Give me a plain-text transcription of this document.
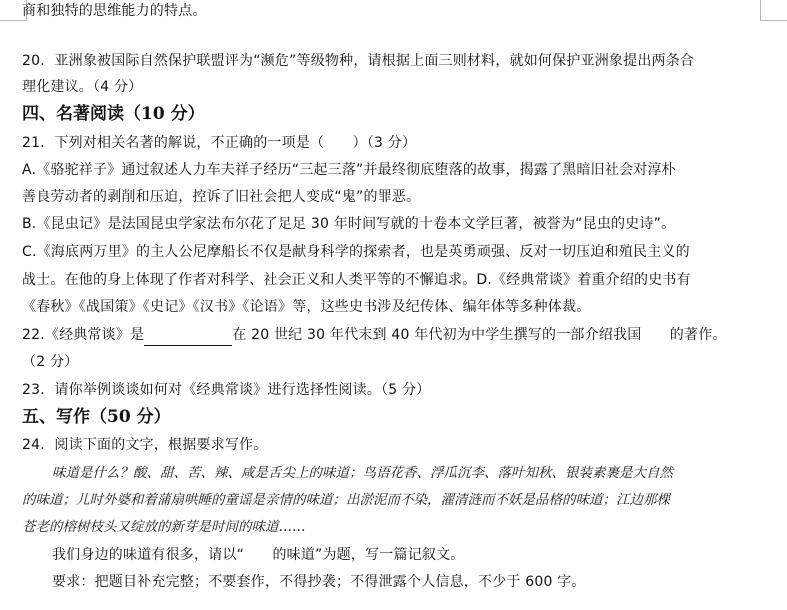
商和独特的思维能力的特点。
20．亚洲象被国际自然保护联盟评为“濒危”等级物种，请根据上面三则材料，就如何保护亚洲象提出两条合
理化建议。（4 分）
四、名著阅读（10 分）
21．下列对相关名著的解说，不正确的一项是（　　）（3 分）
A.《骆驼祥子》通过叙述人力车夫祥子经历“三起三落”并最终彻底堕落的故事，揭露了黑暗旧社会对淳朴
善良劳动者的剥削和压迫，控诉了旧社会把人变成“鬼”的罪恶。
B.《昆虫记》是法国昆虫学家法布尔花了足足 30 年时间写就的十卷本文学巨著，被誉为“昆虫的史诗”。
C.《海底两万里》的主人公尼摩船长不仅是献身科学的探索者，也是英勇顽强、反对一切压迫和殖民主义的
战士。在他的身上体现了作者对科学、社会正义和人类平等的不懈追求。D.《经典常谈》着重介绍的史书有
《春秋》《战国策》《史记》《汉书》《论语》等，这些史书涉及纪传体、编年体等多种体裁。
22.《经典常谈》是	在 20 世纪 30 年代末到 40 年代初为中学生撰写的一部介绍我国　　的著作。
（2 分）
23．请你举例谈谈如何对《经典常谈》进行选择性阅读。（5 分）
五、写作（50 分）
24．阅读下面的文字，根据要求写作。
味道是什么？酸、甜、苦、辣、咸是舌尖上的味道；鸟语花香、浮瓜沉李、落叶知秋、银装素裹是大自然
的味道；儿时外婆和着蒲扇哄睡的童谣是亲情的味道；出淤泥而不染，濯清涟而不妖是品格的味道；江边那棵
苍老的榕树枝头又绽放的新芽是时间的味道……
我们身边的味道有很多，请以“　　的味道”为题，写一篇记叙文。
要求：把题目补充完整；不要套作，不得抄袭；不得泄露个人信息，不少于 600 字。
